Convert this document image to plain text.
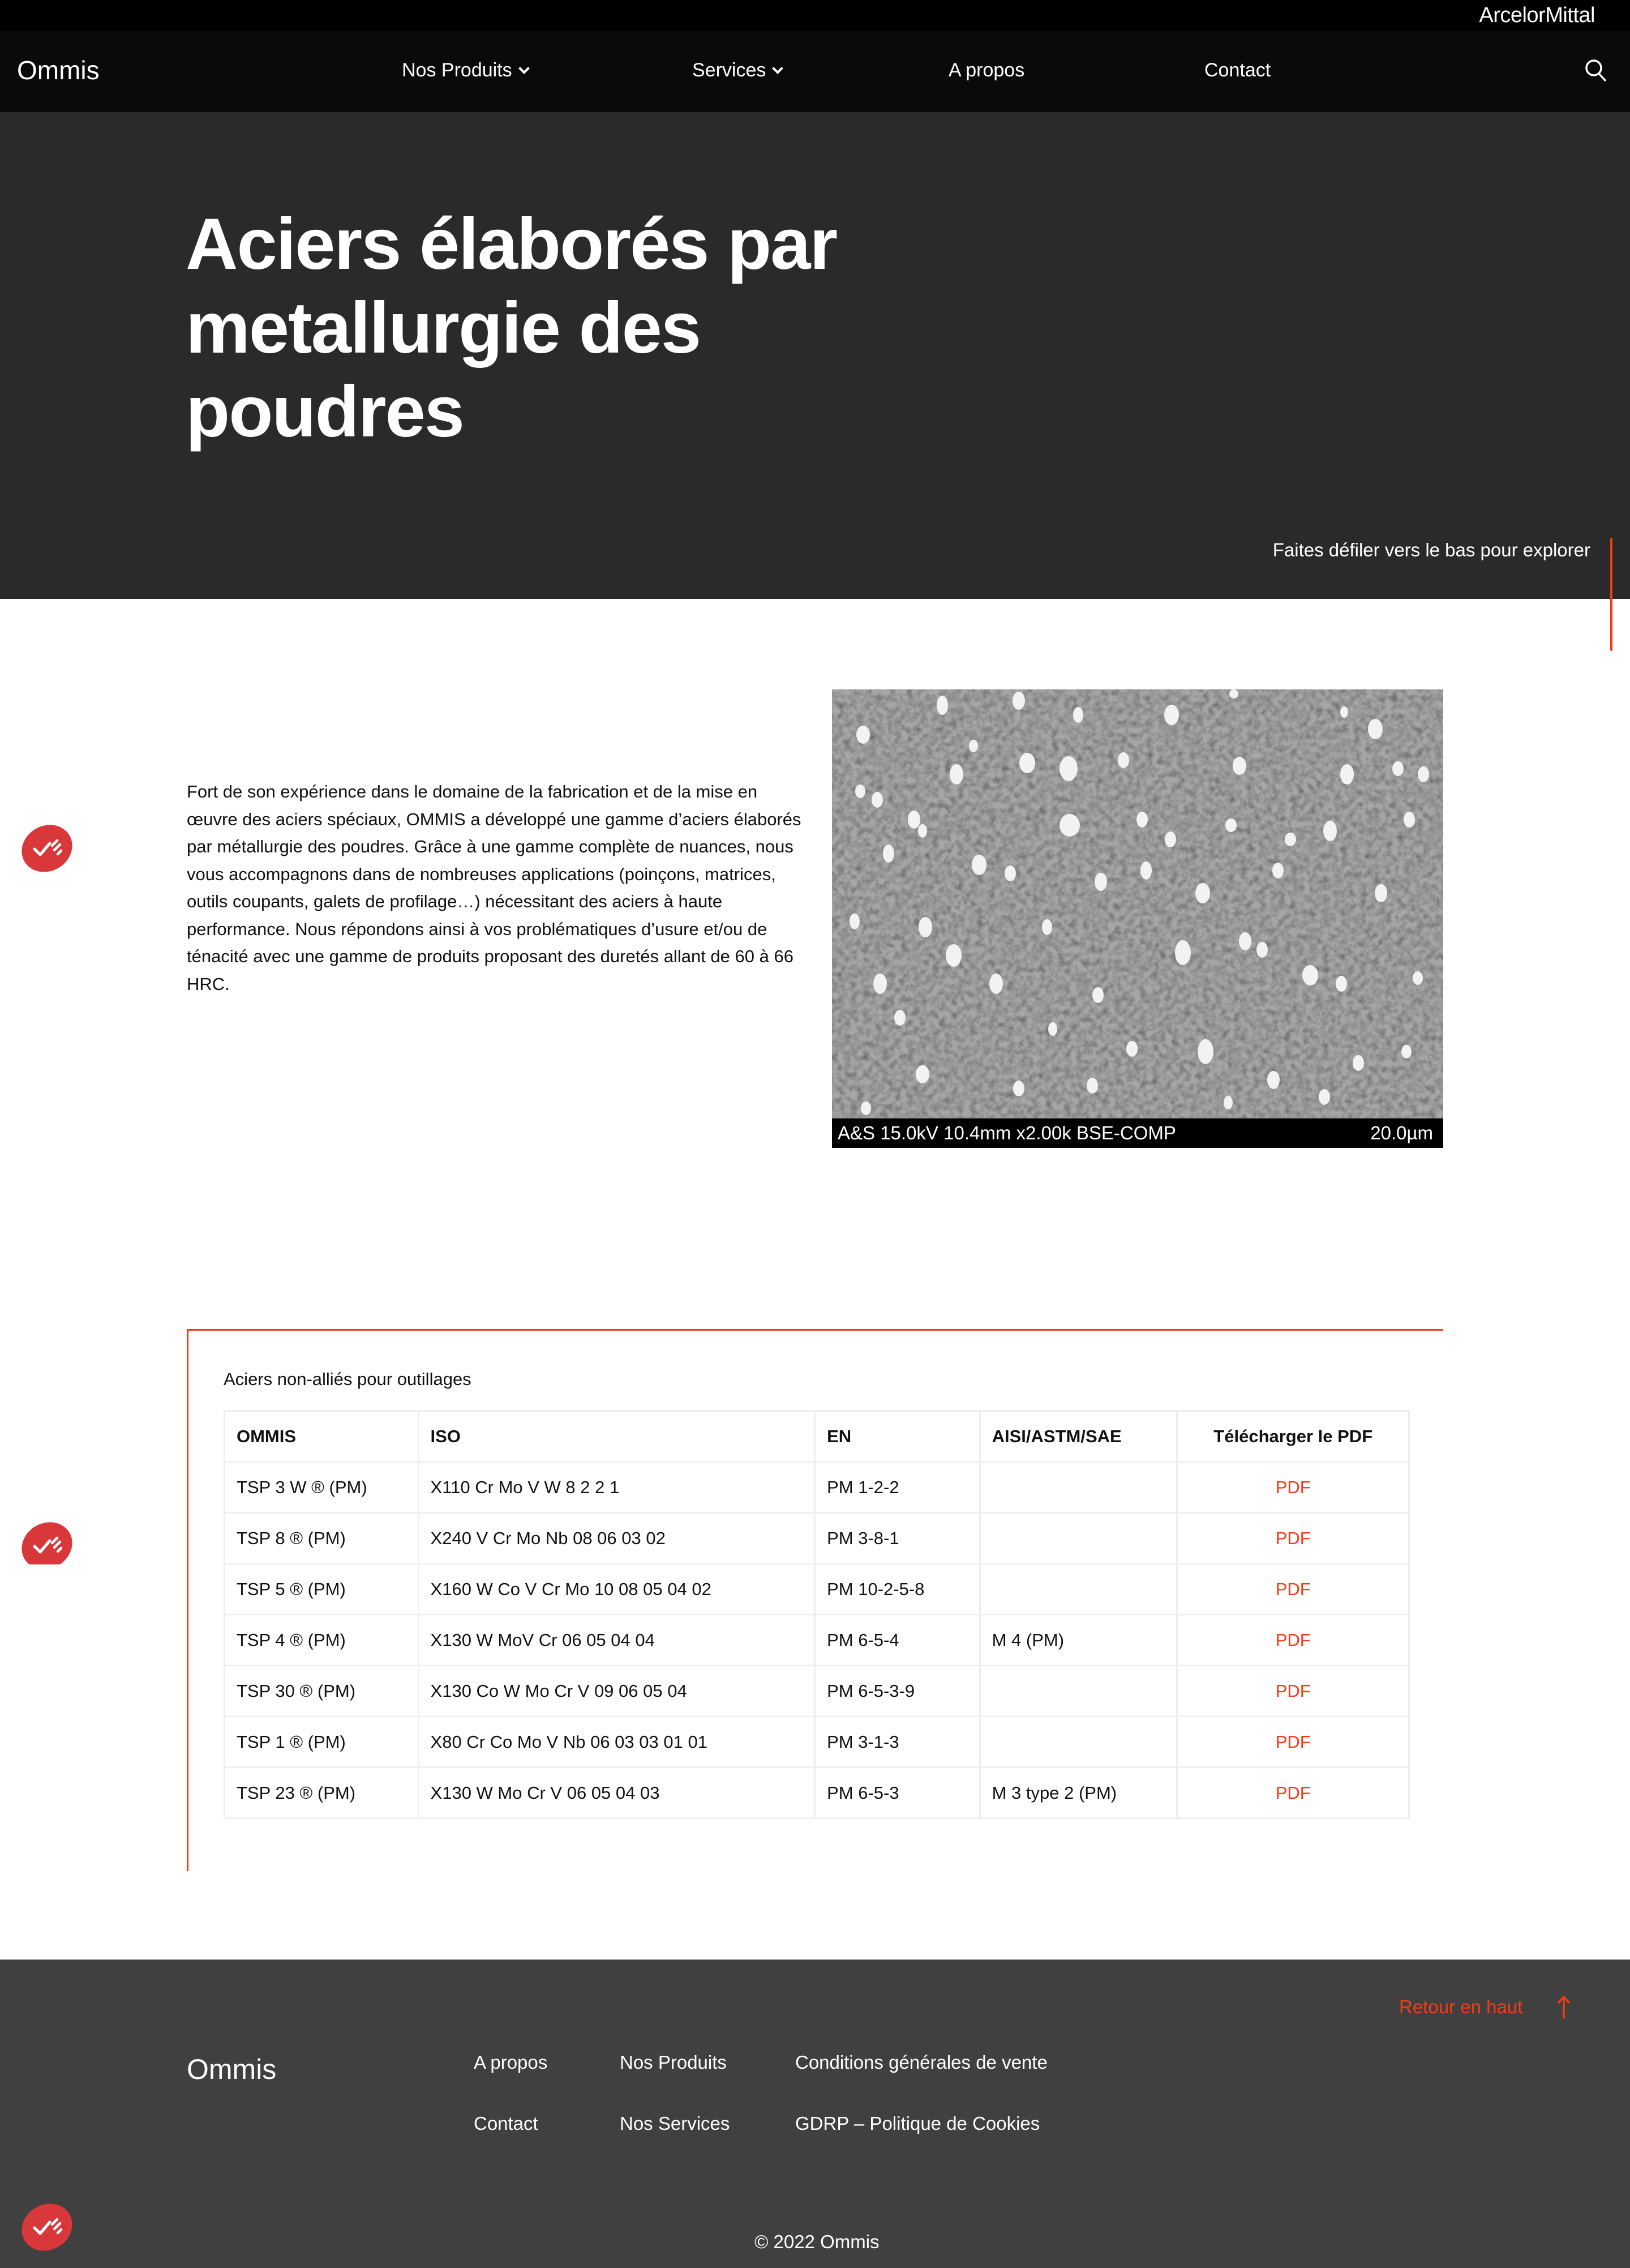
ArcelorMittal
Ommis	Nos Produits	Services	A propos	Contact
Aciers élaborés par metallurgie des poudres
Faites défiler vers le bas pour explorer

Fort de son expérience dans le domaine de la fabrication et de la mise en œuvre des aciers spéciaux, OMMIS a développé une gamme d’aciers élaborés par métallurgie des poudres. Grâce à une gamme complète de nuances, nous vous accompagnons dans de nombreuses applications (poinçons, matrices, outils coupants, galets de profilage…) nécessitant des aciers à haute performance. Nous répondons ainsi à vos problématiques d’usure et/ou de ténacité avec une gamme de produits proposant des duretés allant de 60 à 66 HRC.

A&S 15.0kV 10.4mm x2.00k BSE-COMP	20.0µm
Aciers non-alliés pour outillages
OMMIS	ISO	EN	AISI/ASTM/SAE	Télécharger le PDF
TSP 3 W ® (PM)	X110 Cr Mo V W 8 2 2 1	PM 1-2-2		PDF
TSP 8 ® (PM)	X240 V Cr Mo Nb 08 06 03 02	PM 3-8-1		PDF
TSP 5 ® (PM)	X160 W Co V Cr Mo 10 08 05 04 02	PM 10-2-5-8		PDF
TSP 4 ® (PM)	X130 W MoV Cr 06 05 04 04	PM 6-5-4	M 4 (PM)	PDF
TSP 30 ® (PM)	X130 Co W Mo Cr V 09 06 05 04	PM 6-5-3-9		PDF
TSP 1 ® (PM)	X80 Cr Co Mo V Nb 06 03 03 01 01	PM 3-1-3		PDF
TSP 23 ® (PM)	X130 W Mo Cr V 06 05 04 03	PM 6-5-3	M 3 type 2 (PM)	PDF
Retour en haut
Ommis	A propos	Nos Produits	Conditions générales de vente
Contact	Nos Services	GDRP – Politique de Cookies
© 2022 Ommis
